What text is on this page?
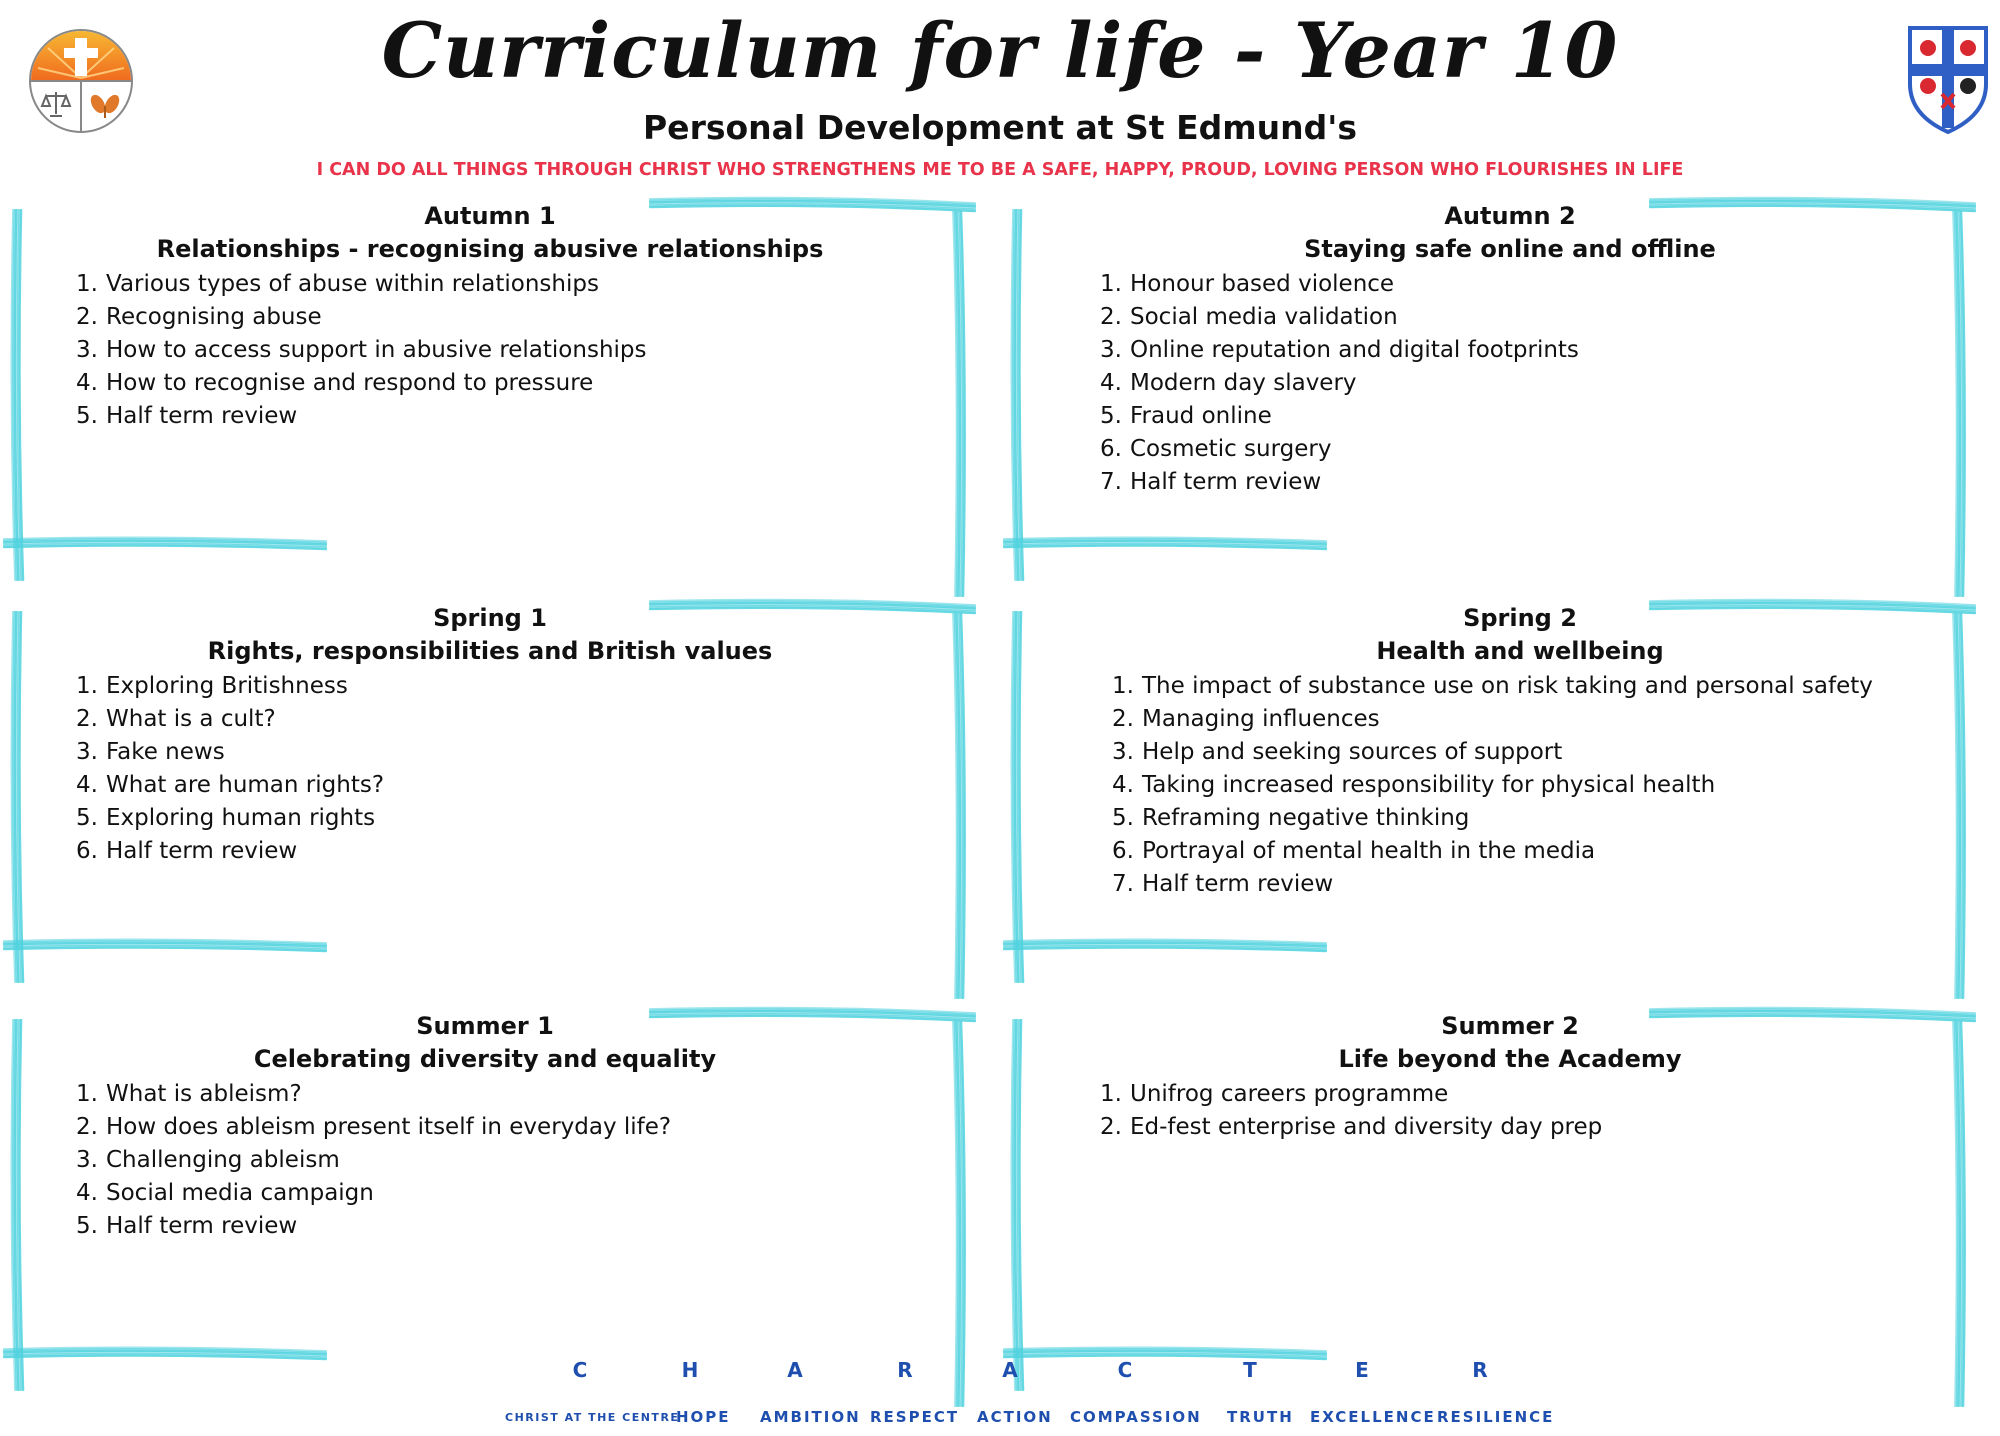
Curriculum for life - Year 10
Personal Development at St Edmund's
I CAN DO ALL THINGS THROUGH CHRIST WHO STRENGTHENS ME TO BE A SAFE, HAPPY, PROUD, LOVING PERSON WHO FLOURISHES IN LIFE
Autumn 1
Relationships - recognising abusive relationships
1. Various types of abuse within relationships
2. Recognising abuse
3. How to access support in abusive relationships
4. How to recognise and respond to pressure
5. Half term review
Autumn 2
Staying safe online and offline
1. Honour based violence
2. Social media validation
3. Online reputation and digital footprints
4. Modern day slavery
5. Fraud online
6. Cosmetic surgery
7. Half term review
Spring 1
Rights, responsibilities and British values
1. Exploring Britishness
2. What is a cult?
3. Fake news
4. What are human rights?
5. Exploring human rights
6. Half term review
Spring 2
Health and wellbeing
1. The impact of substance use on risk taking and personal safety
2. Managing influences
3. Help and seeking sources of support
4. Taking increased responsibility for physical health
5. Reframing negative thinking
6. Portrayal of mental health in the media
7. Half term review
Summer 1
Celebrating diversity and equality
1. What is ableism?
2. How does ableism present itself in everyday life?
3. Challenging ableism
4. Social media campaign
5. Half term review
Summer 2
Life beyond the Academy
1. Unifrog careers programme
2. Ed-fest enterprise and diversity day prep
C	H	A	R	A	C	T	E	R
CHRIST AT THE CENTRE
HOPE AMBITION RESPECT ACTION COMPASSION TRUTH EXCELLENCE RESILIENCE
